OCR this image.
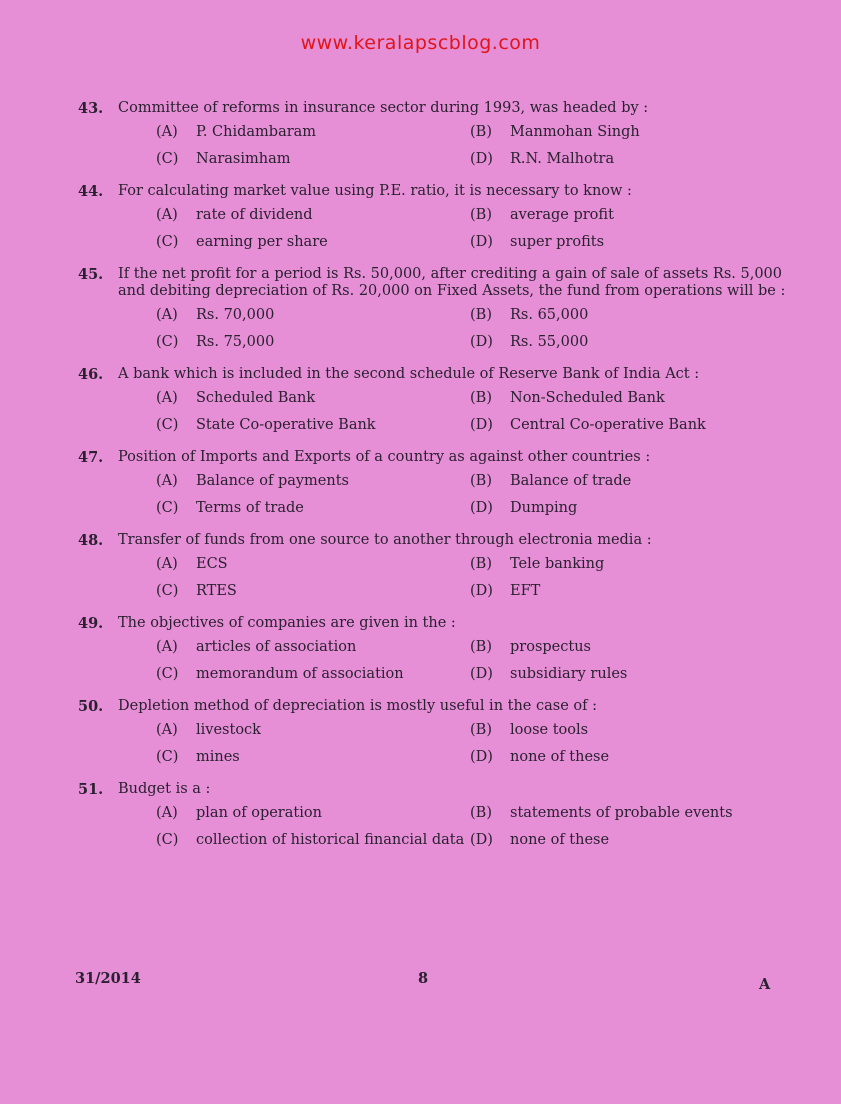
www.keralapscblog.com
43.	Committee of reforms in insurance sector during 1993, was headed by :
(A)	P. Chidambaram	(B)	Manmohan Singh
(C)	Narasimham	(D)	R.N. Malhotra
44.	For calculating market value using P.E. ratio, it is necessary to know :
(A)	rate of dividend	(B)	average profit
(C)	earning per share	(D)	super profits
45.	If the net profit for a period is Rs. 50,000, after crediting a gain of sale of assets Rs. 5,000 and debiting depreciation of Rs. 20,000 on Fixed Assets, the fund from operations will be :
(A)	Rs. 70,000	(B)	Rs. 65,000
(C)	Rs. 75,000	(D)	Rs. 55,000
46.	A bank which is included in the second schedule of Reserve Bank of India Act :
(A)	Scheduled Bank	(B)	Non-Scheduled Bank
(C)	State Co-operative Bank	(D)	Central Co-operative Bank
47.	Position of Imports and Exports of a country as against other countries :
(A)	Balance of payments	(B)	Balance of trade
(C)	Terms of trade	(D)	Dumping
48.	Transfer of funds from one source to another through electronia media :
(A)	ECS	(B)	Tele banking
(C)	RTES	(D)	EFT
49.	The objectives of companies are given in the :
(A)	articles of association	(B)	prospectus
(C)	memorandum of association	(D)	subsidiary rules
50.	Depletion method of depreciation is mostly useful in the case of :
(A)	livestock	(B)	loose tools
(C)	mines	(D)	none of these
51.	Budget is a :
(A)	plan of operation	(B)	statements of probable events
(C)	collection of historical financial data (D)	none of these
31/2014	8	A
